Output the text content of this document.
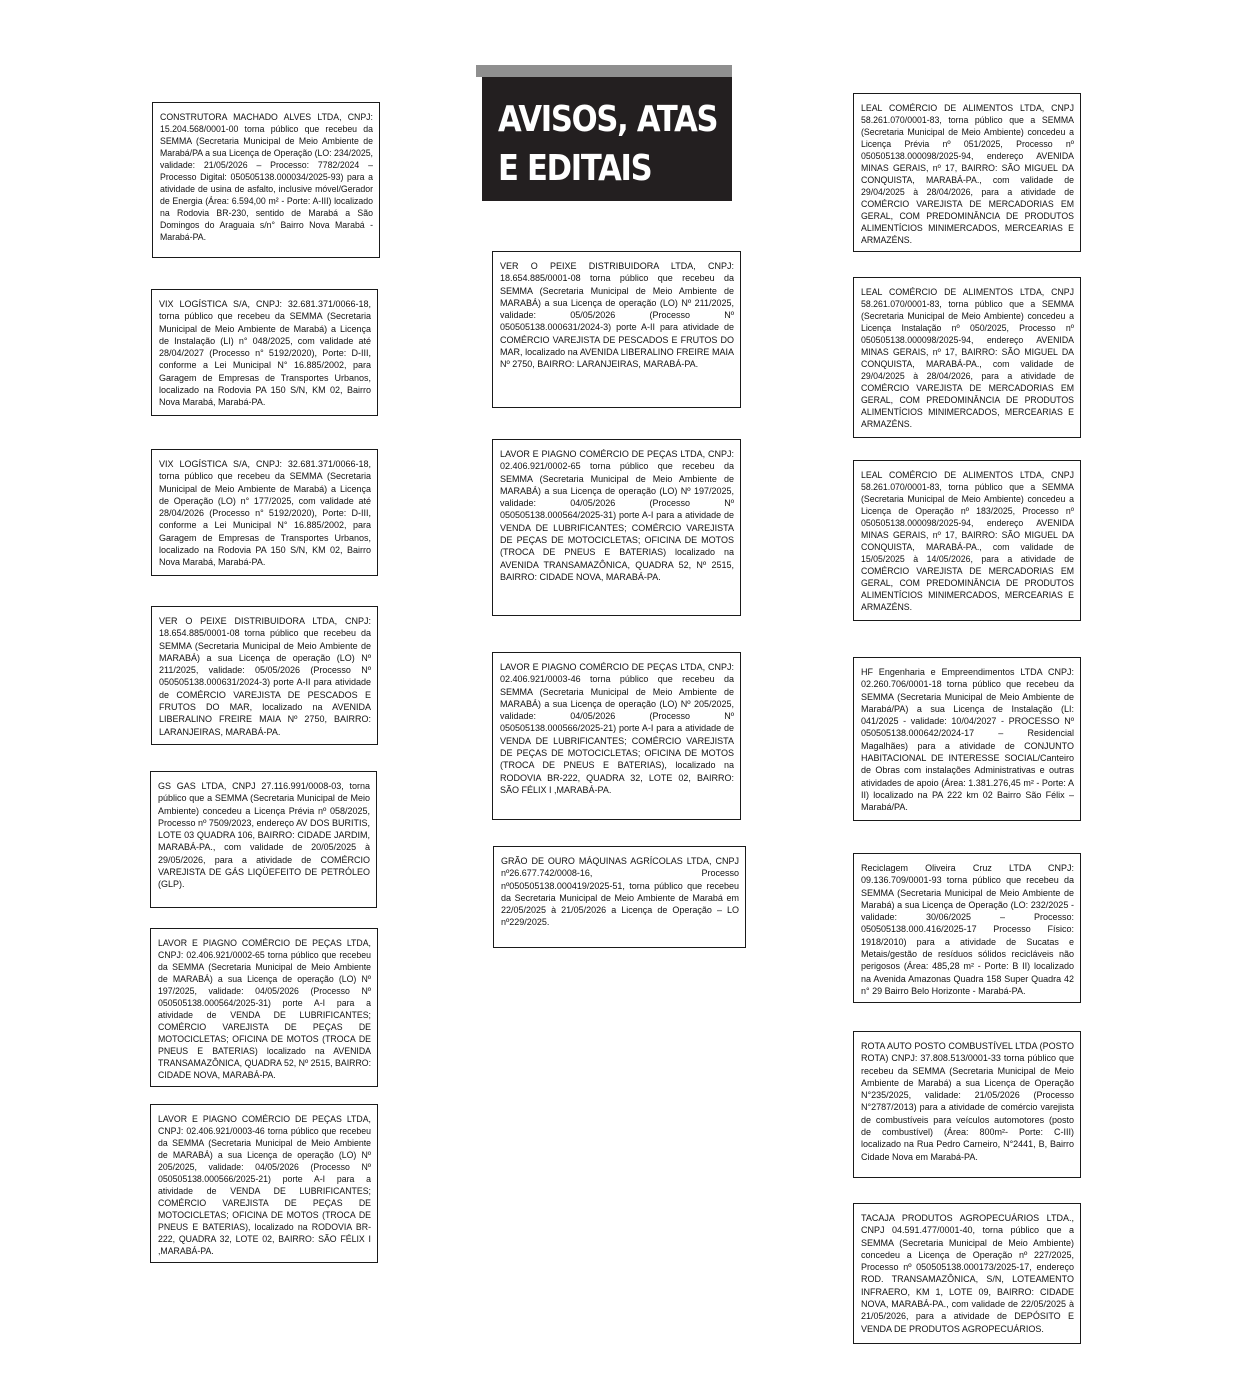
AVISOS, ATAS
E EDITAIS

CONSTRUTORA MACHADO ALVES LTDA, CNPJ: 15.204.568/0001-00 torna público que recebeu da SEMMA (Secretaria Municipal de Meio Ambiente de Marabá/PA a sua Licença de Operação (LO: 234/2025, validade: 21/05/2026 – Processo: 7782/2024 – Processo Digital: 050505138.000034/2025-93) para a atividade de usina de asfalto, inclusive móvel/Gerador de Energia (Área: 6.594,00 m² - Porte: A-III) localizado na Rodovia BR-230, sentido de Marabá a São Domingos do Araguaia s/n° Bairro Nova Marabá - Marabá-PA.

VIX LOGÍSTICA S/A, CNPJ: 32.681.371/0066-18, torna público que recebeu da SEMMA (Secretaria Municipal de Meio Ambiente de Marabá) a Licença de Instalação (LI) n° 048/2025, com validade até 28/04/2027 (Processo n° 5192/2020), Porte: D-III, conforme a Lei Municipal N° 16.885/2002, para Garagem de Empresas de Transportes Urbanos, localizado na Rodovia PA 150 S/N, KM 02, Bairro Nova Marabá, Marabá-PA.

VIX LOGÍSTICA S/A, CNPJ: 32.681.371/0066-18, torna público que recebeu da SEMMA (Secretaria Municipal de Meio Ambiente de Marabá) a Licença de Operação (LO) n° 177/2025, com validade até 28/04/2026 (Processo n° 5192/2020), Porte: D-III, conforme a Lei Municipal N° 16.885/2002, para Garagem de Empresas de Transportes Urbanos, localizado na Rodovia PA 150 S/N, KM 02, Bairro Nova Marabá, Marabá-PA.

VER O PEIXE DISTRIBUIDORA LTDA, CNPJ: 18.654.885/0001-08 torna público que recebeu da SEMMA (Secretaria Municipal de Meio Ambiente de MARABÁ) a sua Licença de operação (LO) Nº 211/2025, validade: 05/05/2026 (Processo Nº 050505138.000631/2024-3) porte A-II para atividade de COMÉRCIO VAREJISTA DE PESCADOS E FRUTOS DO MAR, localizado na AVENIDA LIBERALINO FREIRE MAIA Nº 2750, BAIRRO: LARANJEIRAS, MARABÁ-PA.

GS GAS LTDA, CNPJ 27.116.991/0008-03, torna público que a SEMMA (Secretaria Municipal de Meio Ambiente) concedeu a Licença Prévia nº 058/2025, Processo nº 7509/2023, endereço AV DOS BURITIS, LOTE 03 QUADRA 106, BAIRRO: CIDADE JARDIM, MARABÁ-PA., com validade de 20/05/2025 à 29/05/2026, para a atividade de COMÉRCIO VAREJISTA DE GÁS LIQÜEFEITO DE PETRÓLEO (GLP).

LAVOR E PIAGNO COMÉRCIO DE PEÇAS LTDA, CNPJ: 02.406.921/0002-65 torna público que recebeu da SEMMA (Secretaria Municipal de Meio Ambiente de MARABÁ) a sua Licença de operação (LO) Nº 197/2025, validade: 04/05/2026 (Processo Nº 050505138.000564/2025-31) porte A-I para a atividade de VENDA DE LUBRIFICANTES; COMÉRCIO VAREJISTA DE PEÇAS DE MOTOCICLETAS; OFICINA DE MOTOS (TROCA DE PNEUS E BATERIAS) localizado na AVENIDA TRANSAMAZÔNICA, QUADRA 52, Nº 2515, BAIRRO: CIDADE NOVA, MARABÁ-PA.

LAVOR E PIAGNO COMÉRCIO DE PEÇAS LTDA, CNPJ: 02.406.921/0003-46 torna público que recebeu da SEMMA (Secretaria Municipal de Meio Ambiente de MARABÁ) a sua Licença de operação (LO) Nº 205/2025, validade: 04/05/2026 (Processo Nº 050505138.000566/2025-21) porte A-I para a atividade de VENDA DE LUBRIFICANTES; COMÉRCIO VAREJISTA DE PEÇAS DE MOTOCICLETAS; OFICINA DE MOTOS (TROCA DE PNEUS E BATERIAS), localizado na RODOVIA BR-222, QUADRA 32, LOTE 02, BAIRRO: SÃO FÉLIX I ,MARABÁ-PA.

VER O PEIXE DISTRIBUIDORA LTDA, CNPJ: 18.654.885/0001-08 torna público que recebeu da SEMMA (Secretaria Municipal de Meio Ambiente de MARABÁ) a sua Licença de operação (LO) Nº 211/2025, validade: 05/05/2026 (Processo Nº 050505138.000631/2024-3) porte A-II para atividade de COMÉRCIO VAREJISTA DE PESCADOS E FRUTOS DO MAR, localizado na AVENIDA LIBERALINO FREIRE MAIA Nº 2750, BAIRRO: LARANJEIRAS, MARABÁ-PA.

LAVOR E PIAGNO COMÉRCIO DE PEÇAS LTDA, CNPJ: 02.406.921/0002-65 torna público que recebeu da SEMMA (Secretaria Municipal de Meio Ambiente de MARABÁ) a sua Licença de operação (LO) Nº 197/2025, validade: 04/05/2026 (Processo Nº 050505138.000564/2025-31) porte A-I para a atividade de VENDA DE LUBRIFICANTES; COMÉRCIO VAREJISTA DE PEÇAS DE MOTOCICLETAS; OFICINA DE MOTOS (TROCA DE PNEUS E BATERIAS) localizado na AVENIDA TRANSAMAZÔNICA, QUADRA 52, Nº 2515, BAIRRO: CIDADE NOVA, MARABÁ-PA.

LAVOR E PIAGNO COMÉRCIO DE PEÇAS LTDA, CNPJ: 02.406.921/0003-46 torna público que recebeu da SEMMA (Secretaria Municipal de Meio Ambiente de MARABÁ) a sua Licença de operação (LO) Nº 205/2025, validade: 04/05/2026 (Processo Nº 050505138.000566/2025-21) porte A-I para a atividade de VENDA DE LUBRIFICANTES; COMÉRCIO VAREJISTA DE PEÇAS DE MOTOCICLETAS; OFICINA DE MOTOS (TROCA DE PNEUS E BATERIAS), localizado na RODOVIA BR-222, QUADRA 32, LOTE 02, BAIRRO: SÃO FÉLIX I ,MARABÁ-PA.

GRÃO DE OURO MÁQUINAS AGRÍCOLAS LTDA, CNPJ nº26.677.742/0008-16, Processo nº050505138.000419/2025-51, torna público que recebeu da Secretaria Municipal de Meio Ambiente de Marabá em 22/05/2025 à 21/05/2026 a Licença de Operação – LO nº229/2025.

LEAL COMÉRCIO DE ALIMENTOS LTDA, CNPJ 58.261.070/0001-83, torna público que a SEMMA (Secretaria Municipal de Meio Ambiente) concedeu a Licença Prévia nº 051/2025, Processo nº 050505138.000098/2025-94, endereço AVENIDA MINAS GERAIS, nº 17, BAIRRO: SÃO MIGUEL DA CONQUISTA, MARABÁ-PA., com validade de 29/04/2025 à 28/04/2026, para a atividade de COMÉRCIO VAREJISTA DE MERCADORIAS EM GERAL, COM PREDOMINÂNCIA DE PRODUTOS ALIMENTÍCIOS MINIMERCADOS, MERCEARIAS E ARMAZÉNS.

LEAL COMÉRCIO DE ALIMENTOS LTDA, CNPJ 58.261.070/0001-83, torna público que a SEMMA (Secretaria Municipal de Meio Ambiente) concedeu a Licença Instalação nº 050/2025, Processo nº 050505138.000098/2025-94, endereço AVENIDA MINAS GERAIS, nº 17, BAIRRO: SÃO MIGUEL DA CONQUISTA, MARABÁ-PA., com validade de 29/04/2025 à 28/04/2026, para a atividade de COMÉRCIO VAREJISTA DE MERCADORIAS EM GERAL, COM PREDOMINÂNCIA DE PRODUTOS ALIMENTÍCIOS MINIMERCADOS, MERCEARIAS E ARMAZÉNS.

LEAL COMÉRCIO DE ALIMENTOS LTDA, CNPJ 58.261.070/0001-83, torna público que a SEMMA (Secretaria Municipal de Meio Ambiente) concedeu a Licença de Operação nº 183/2025, Processo nº 050505138.000098/2025-94, endereço AVENIDA MINAS GERAIS, nº 17, BAIRRO: SÃO MIGUEL DA CONQUISTA, MARABÁ-PA., com validade de 15/05/2025 à 14/05/2026, para a atividade de COMÉRCIO VAREJISTA DE MERCADORIAS EM GERAL, COM PREDOMINÂNCIA DE PRODUTOS ALIMENTÍCIOS MINIMERCADOS, MERCEARIAS E ARMAZÉNS.

HF Engenharia e Empreendimentos LTDA CNPJ: 02.260.706/0001-18 torna público que recebeu da SEMMA (Secretaria Municipal de Meio Ambiente de Marabá/PA) a sua Licença de Instalação (LI: 041/2025 - validade: 10/04/2027 - PROCESSO Nº 050505138.000642/2024-17 – Residencial Magalhães) para a atividade de CONJUNTO HABITACIONAL DE INTERESSE SOCIAL/Canteiro de Obras com instalações Administrativas e outras atividades de apoio (Área: 1.381.276,45 m² - Porte: A II) localizado na PA 222 km 02 Bairro São Félix – Marabá/PA.

Reciclagem Oliveira Cruz LTDA CNPJ: 09.136.709/0001-93 torna público que recebeu da SEMMA (Secretaria Municipal de Meio Ambiente de Marabá) a sua Licença de Operação (LO: 232/2025 - validade: 30/06/2025 – Processo: 050505138.000.416/2025-17 Processo Físico: 1918/2010) para a atividade de Sucatas e Metais/gestão de resíduos sólidos recicláveis não perigosos (Área: 485,28 m² - Porte: B II) localizado na Avenida Amazonas Quadra 158 Super Quadra 42 n° 29 Bairro Belo Horizonte - Marabá-PA.

ROTA AUTO POSTO COMBUSTÍVEL LTDA (POSTO ROTA) CNPJ: 37.808.513/0001-33 torna público que recebeu da SEMMA (Secretaria Municipal de Meio Ambiente de Marabá) a sua Licença de Operação N°235/2025, validade: 21/05/2026 (Processo N°2787/2013) para a atividade de comércio varejista de combustíveis para veículos automotores (posto de combustível) (Área: 800m²- Porte: C-III) localizado na Rua Pedro Carneiro, N°2441, B, Bairro Cidade Nova em Marabá-PA.

TACAJA PRODUTOS AGROPECUÁRIOS LTDA., CNPJ 04.591.477/0001-40, torna público que a SEMMA (Secretaria Municipal de Meio Ambiente) concedeu a Licença de Operação nº 227/2025, Processo nº 050505138.000173/2025-17, endereço ROD. TRANSAMAZÔNICA, S/N, LOTEAMENTO INFRAERO, KM 1, LOTE 09, BAIRRO: CIDADE NOVA, MARABÁ-PA., com validade de 22/05/2025 à 21/05/2026, para a atividade de DEPÓSITO E VENDA DE PRODUTOS AGROPECUÁRIOS.
